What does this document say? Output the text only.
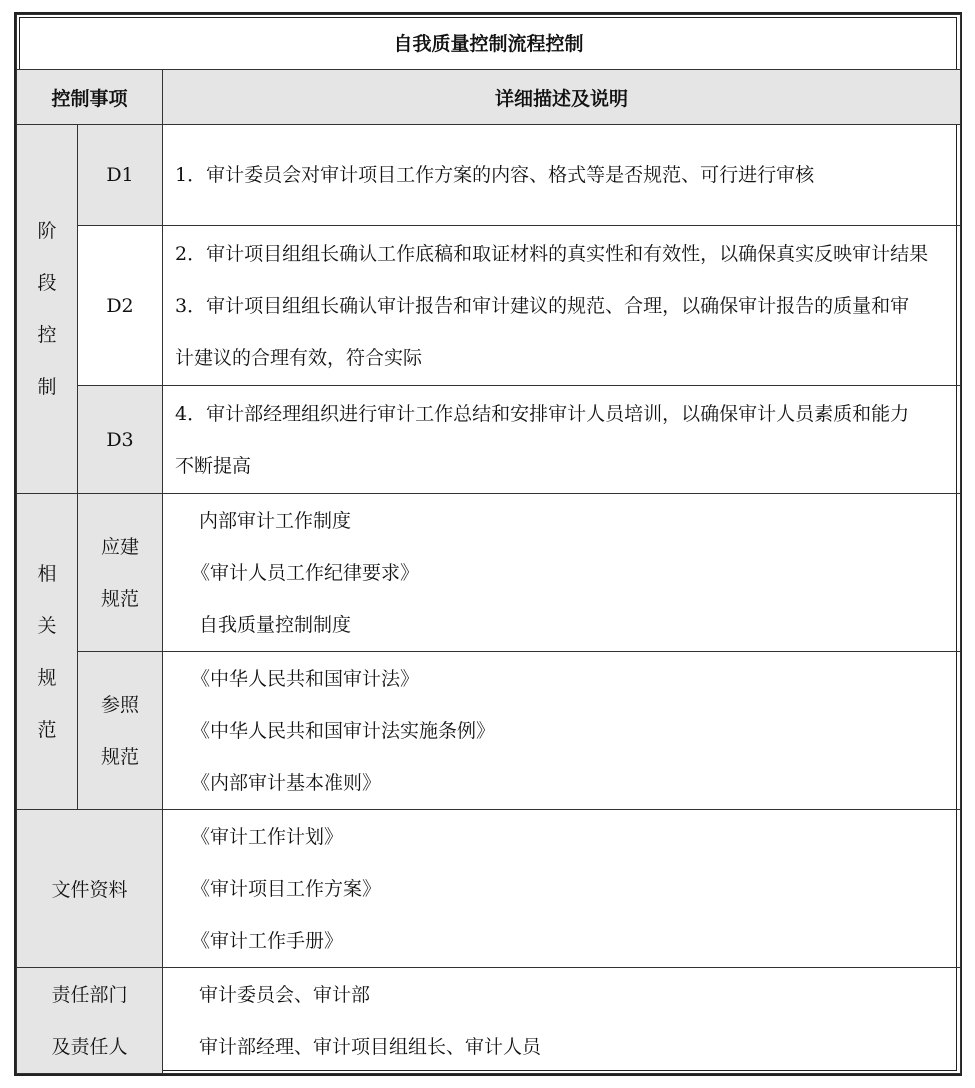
自我质量控制流程控制		
控制事项		详细描述及说明

阶
段
控
制	D1	1．审计委员会对审计项目工作方案的内容、格式等是否规范、可行进行审核

	D2	2．审计项目组组长确认工作底稿和取证材料的真实性和有效性，以确保真实反映审计结果
3．审计项目组组长确认审计报告和审计建议的规范、合理，以确保审计报告的质量和审
计建议的合理有效，符合实际

	D3	4．审计部经理组织进行审计工作总结和安排审计人员培训，以确保审计人员素质和能力
不断提高

相
关
规
范	应建
规范	内部审计工作制度
《审计人员工作纪律要求》
自我质量控制制度

	参照
规范	《中华人民共和国审计法》
《中华人民共和国审计法实施条例》
《内部审计基本准则》

文件资料		《审计工作计划》
《审计项目工作方案》
《审计工作手册》

责任部门
及责任人		审计委员会、审计部
审计部经理、审计项目组组长、审计人员
